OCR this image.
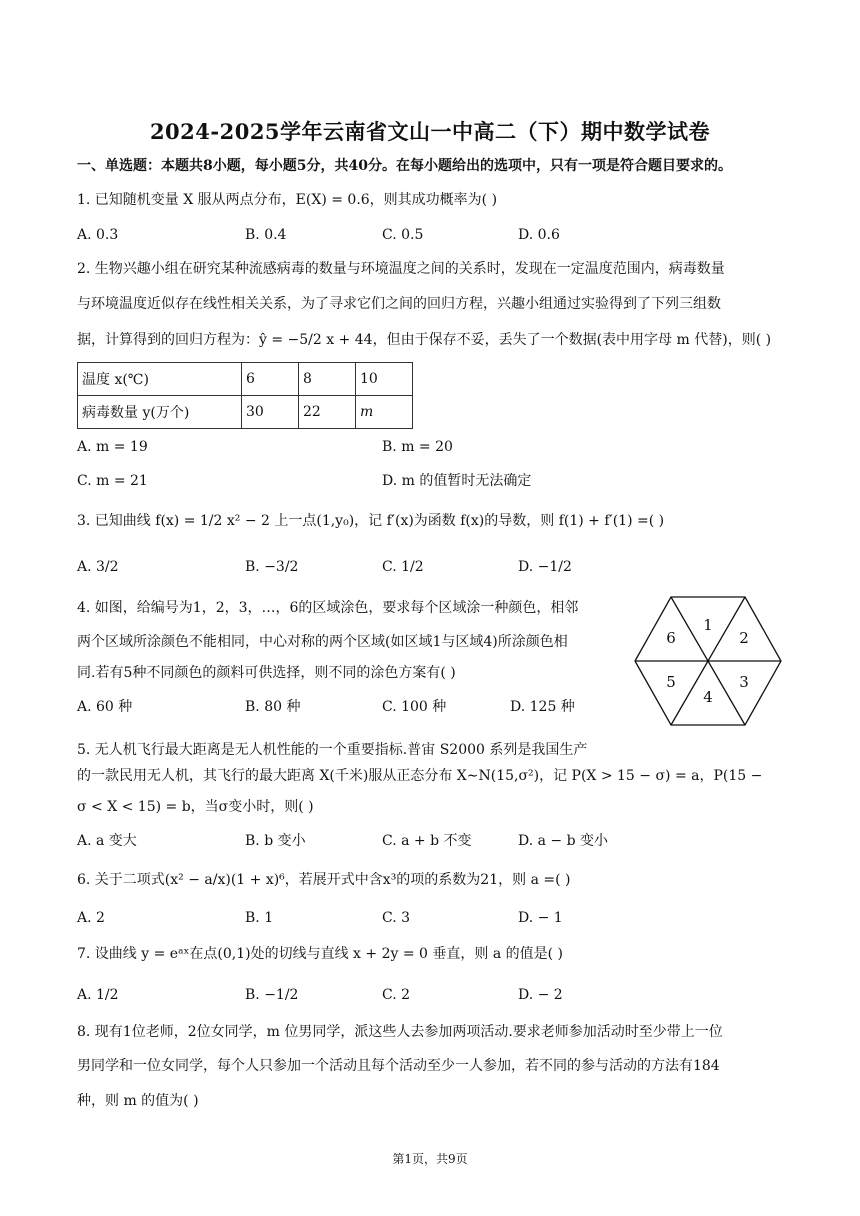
2024-2025学年云南省文山一中高二（下）期中数学试卷
一、单选题：本题共8小题，每小题5分，共40分。在每小题给出的选项中，只有一项是符合题目要求的。
1. 已知随机变量 X 服从两点分布，E(X) = 0.6，则其成功概率为( )
A. 0.3	B. 0.4	C. 0.5	D. 0.6
2. 生物兴趣小组在研究某种流感病毒的数量与环境温度之间的关系时，发现在一定温度范围内，病毒数量
与环境温度近似存在线性相关关系，为了寻求它们之间的回归方程，兴趣小组通过实验得到了下列三组数
据，计算得到的回归方程为：ŷ = −5/2 x + 44，但由于保存不妥，丢失了一个数据(表中用字母 m 代替)，则( )
温度 x(℃)	6	8	10
病毒数量 y(万个)	30	22	m
A. m = 19	B. m = 20
C. m = 21	D. m 的值暂时无法确定
3. 已知曲线 f(x) = 1/2 x² − 2 上一点(1,y₀)，记 f′(x)为函数 f(x)的导数，则 f(1) + f′(1) =( )
A. 3/2	B. −3/2	C. 1/2	D. −1/2
4. 如图，给编号为1，2，3，…，6的区域涂色，要求每个区域涂一种颜色，相邻
两个区域所涂颜色不能相同，中心对称的两个区域(如区域1与区域4)所涂颜色相
同.若有5种不同颜色的颜料可供选择，则不同的涂色方案有( )
A. 60 种	B. 80 种	C. 100 种	D. 125 种
1
2
3
4
5
6
5. 无人机飞行最大距离是无人机性能的一个重要指标.普宙 S2000 系列是我国生产
的一款民用无人机，其飞行的最大距离 X(千米)服从正态分布 X∼N(15,σ²)，记 P(X > 15 − σ) = a，P(15 −
σ < X < 15) = b，当σ变小时，则( )
A. a 变大	B. b 变小	C. a + b 不变	D. a − b 变小
6. 关于二项式(x² − a/x)(1 + x)⁶，若展开式中含x³的项的系数为21，则 a =( )
A. 2	B. 1	C. 3	D. − 1
7. 设曲线 y = eᵃˣ在点(0,1)处的切线与直线 x + 2y = 0 垂直，则 a 的值是( )
A. 1/2	B. −1/2	C. 2	D. − 2
8. 现有1位老师，2位女同学，m 位男同学，派这些人去参加两项活动.要求老师参加活动时至少带上一位
男同学和一位女同学，每个人只参加一个活动且每个活动至少一人参加，若不同的参与活动的方法有184
种，则 m 的值为( )
第1页，共9页
